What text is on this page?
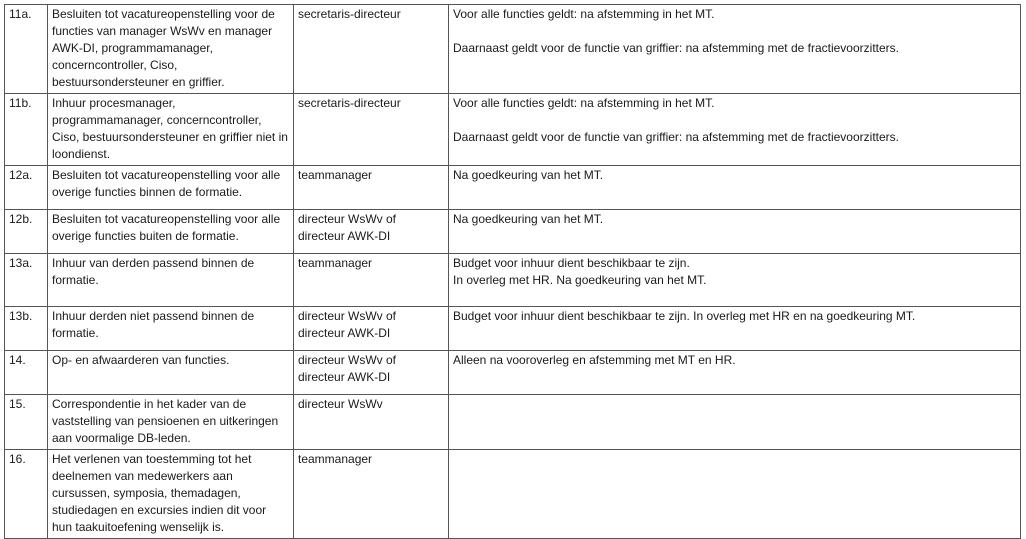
11a.	Besluiten tot vacatureopenstelling voor de functies van manager WsWv en manager AWK-DI, programmamanager, concerncontroller, Ciso, bestuursondersteuner en griffier.	secretaris-directeur	Voor alle functies geldt: na afstemming in het MT.
Daarnaast geldt voor de functie van griffier: na afstemming met de fractievoorzitters.

11b.	Inhuur procesmanager, programmamanager, concerncontroller, Ciso, bestuursondersteuner en griffier niet in loondienst.	secretaris-directeur	Voor alle functies geldt: na afstemming in het MT.
Daarnaast geldt voor de functie van griffier: na afstemming met de fractievoorzitters.

12a.	Besluiten tot vacatureopenstelling voor alle overige functies binnen de formatie.	teammanager	Na goedkeuring van het MT.

12b.	Besluiten tot vacatureopenstelling voor alle overige functies buiten de formatie.	directeur WsWv of directeur AWK-DI	Na goedkeuring van het MT.

13a.	Inhuur van derden passend binnen de formatie.	teammanager	Budget voor inhuur dient beschikbaar te zijn.
In overleg met HR. Na goedkeuring van het MT.

13b.	Inhuur derden niet passend binnen de formatie.	directeur WsWv of directeur AWK-DI	Budget voor inhuur dient beschikbaar te zijn. In overleg met HR en na goedkeuring MT.

14.	Op- en afwaarderen van functies.	directeur WsWv of directeur AWK-DI	Alleen na vooroverleg en afstemming met MT en HR.

15.	Correspondentie in het kader van de vaststelling van pensioenen en uitkeringen aan voormalige DB-leden.	directeur WsWv	
16.	Het verlenen van toestemming tot het deelnemen van medewerkers aan cursussen, symposia, themadagen, studiedagen en excursies indien dit voor hun taakuitoefening wenselijk is.	teammanager	
